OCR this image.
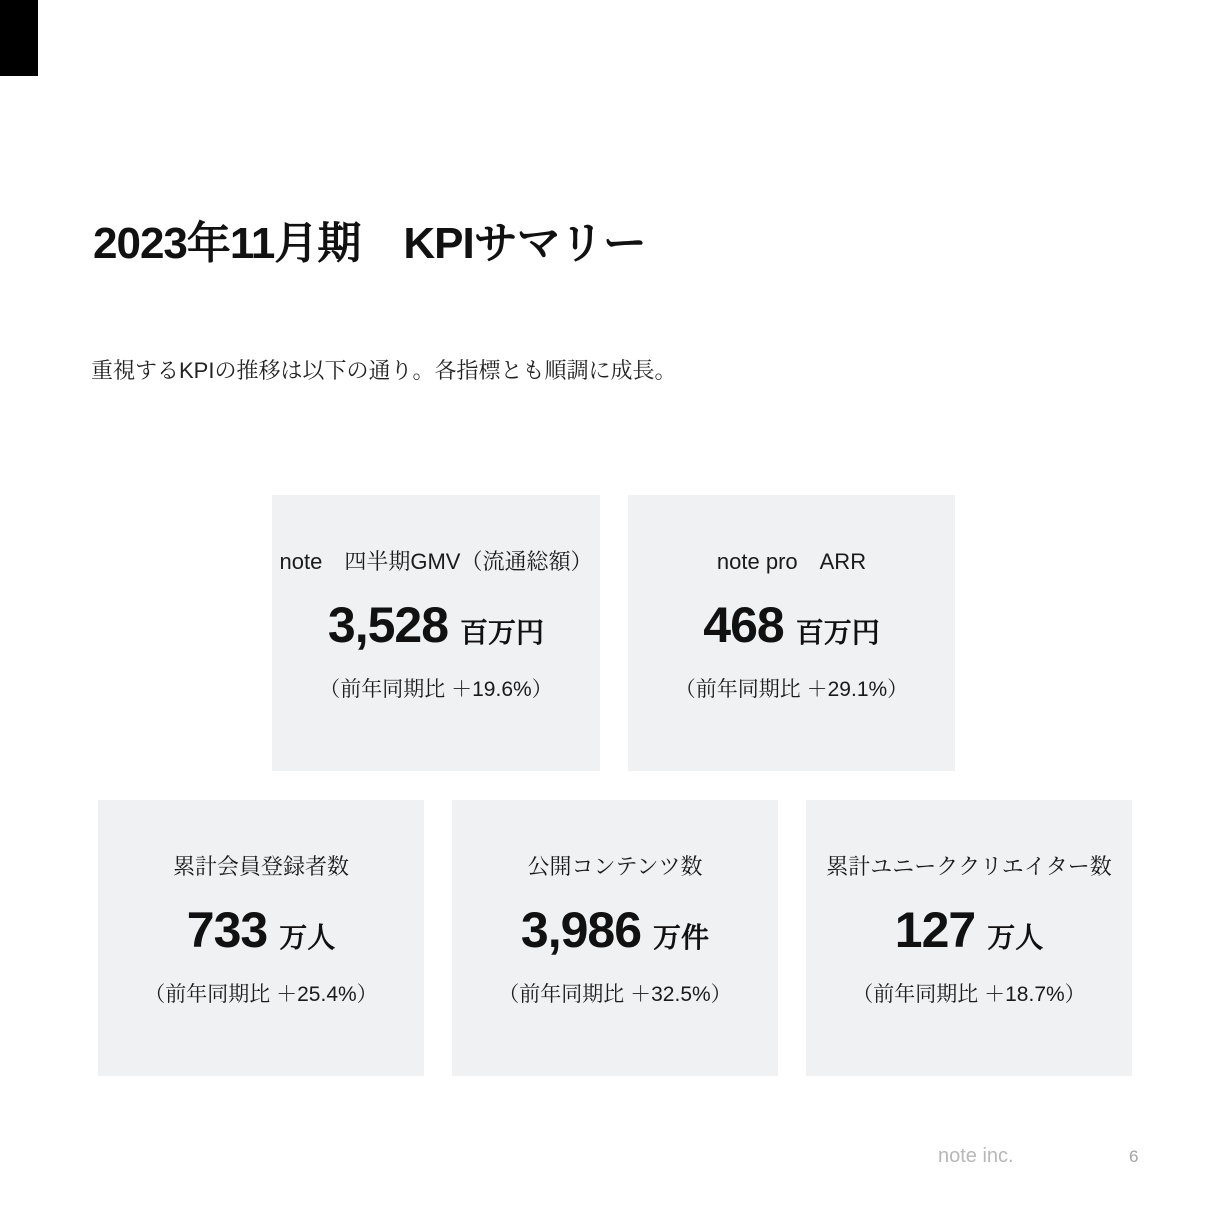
2023年11月期　KPIサマリー

重視するKPIの推移は以下の通り。各指標とも順調に成長。

note　四半期GMV（流通総額）
3,528 百万円
（前年同期比 ＋19.6%）
note pro　ARR
468 百万円
（前年同期比 ＋29.1%）
累計会員登録者数
733 万人
（前年同期比 ＋25.4%）
公開コンテンツ数
3,986 万件
（前年同期比 ＋32.5%）
累計ユニーククリエイター数
127 万人
（前年同期比 ＋18.7%）
note inc.	6
